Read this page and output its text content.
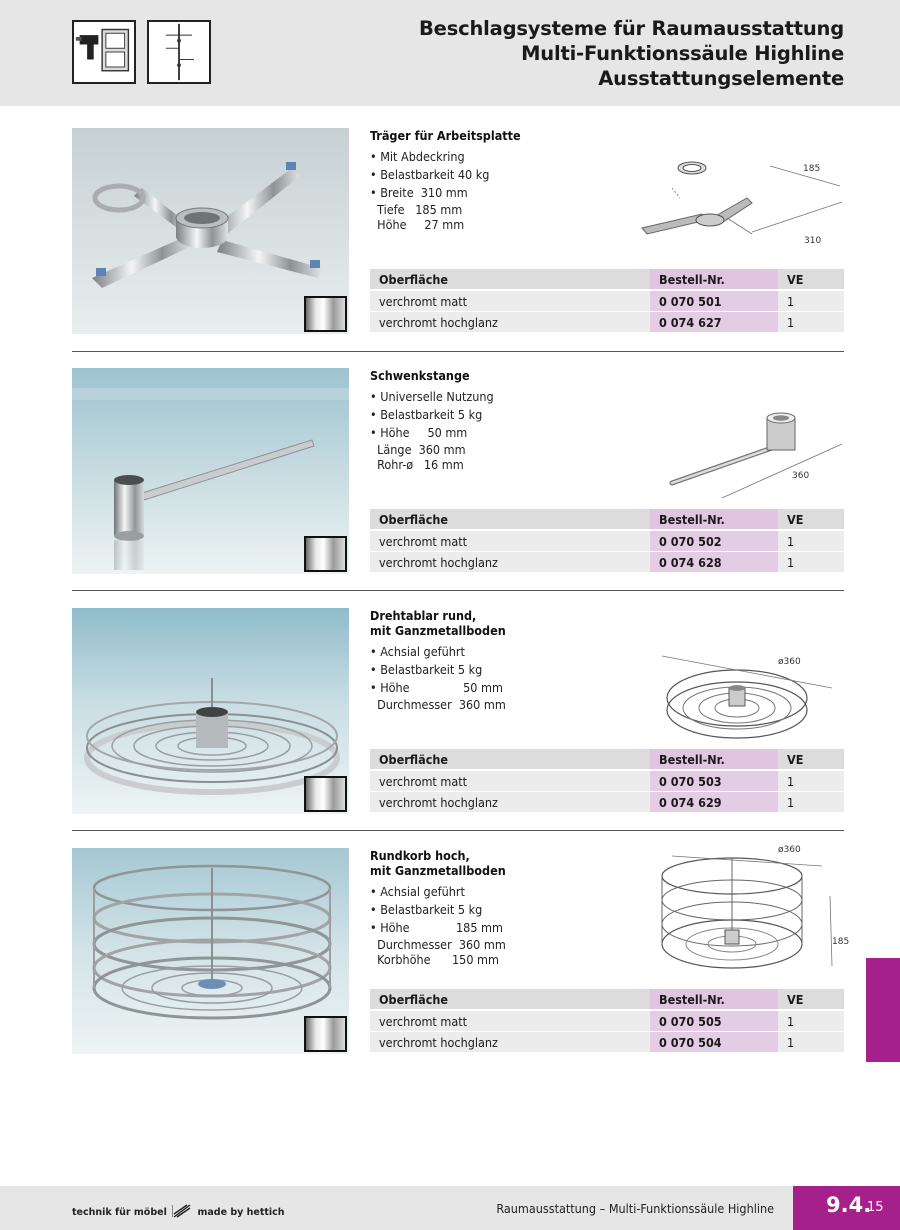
Beschlagsysteme für Raumausstattung
Multi-Funktionssäule Highline
Ausstattungselemente
Träger für Arbeitsplatte
• Mit Abdeckring
• Belastbarkeit 40 kg
• Breite  310 mm
Tiefe   185 mm
Höhe     27 mm
185
310
Oberfläche	Bestell-Nr.	VE
verchromt matt	0 070 501	1
verchromt hochglanz	0 074 627	1
Schwenkstange
• Universelle Nutzung
• Belastbarkeit 5 kg
• Höhe     50 mm
Länge  360 mm
Rohr-ø   16 mm
360
Oberfläche	Bestell-Nr.	VE
verchromt matt	0 070 502	1
verchromt hochglanz	0 074 628	1
Drehtablar rund,
mit Ganzmetallboden
• Achsial geführt
• Belastbarkeit 5 kg
• Höhe               50 mm
Durchmesser  360 mm
ø360
Oberfläche	Bestell-Nr.	VE
verchromt matt	0 070 503	1
verchromt hochglanz	0 074 629	1
Rundkorb hoch,
mit Ganzmetallboden
• Achsial geführt
• Belastbarkeit 5 kg
• Höhe             185 mm
Durchmesser  360 mm
Korbhöhe      150 mm
ø360
185
Oberfläche	Bestell-Nr.	VE
verchromt matt	0 070 505	1
verchromt hochglanz	0 070 504	1
technik für möbel	made by hettich	Raumausstattung – Multi-Funktionssäule Highline 9.4.
15
